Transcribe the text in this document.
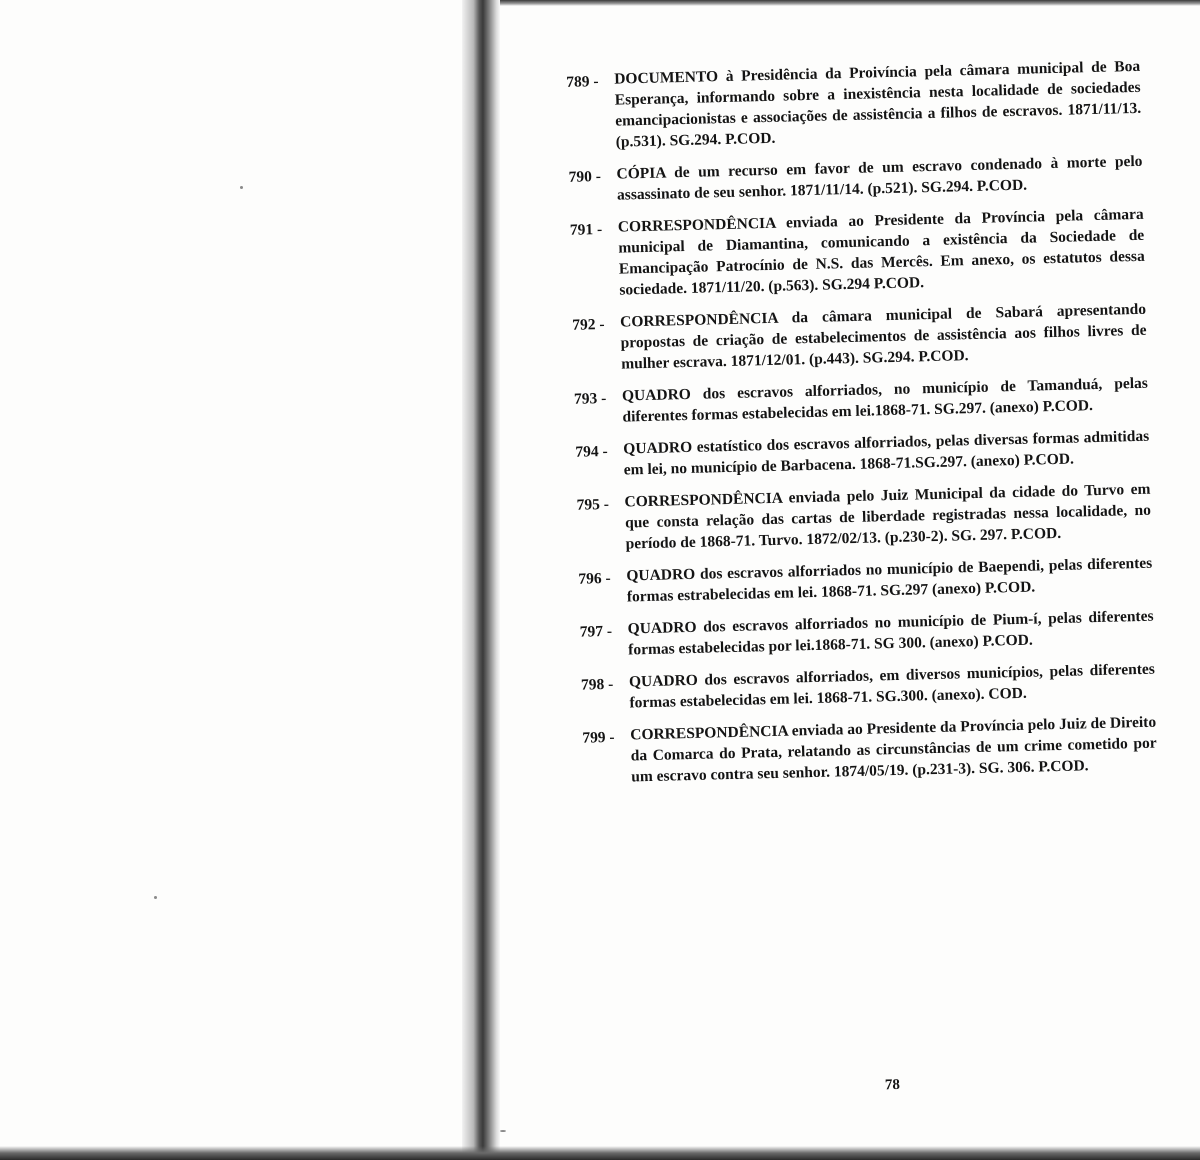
789 - DOCUMENTO à Presidência da Proivíncia pela câmara municipal de Boa Esperança, informando sobre a inexistência nesta localidade de sociedades emancipacionistas e associações de assistência a filhos de escravos. 1871/11/13. (p.531). SG.294. P.COD.
790 - CÓPIA de um recurso em favor de um escravo condenado à morte pelo assassinato de seu senhor. 1871/11/14. (p.521). SG.294. P.COD.
791 - CORRESPONDÊNCIA enviada ao Presidente da Província pela câmara municipal de Diamantina, comunicando a existência da Sociedade de Emancipação Patrocínio de N.S. das Mercês. Em anexo, os estatutos dessa sociedade. 1871/11/20. (p.563). SG.294 P.COD.
792 - CORRESPONDÊNCIA da câmara municipal de Sabará apresentando propostas de criação de estabelecimentos de assistência aos filhos livres de mulher escrava. 1871/12/01. (p.443). SG.294. P.COD.
793 - QUADRO dos escravos alforriados, no município de Tamanduá, pelas diferentes formas estabelecidas em lei.1868-71. SG.297. (anexo) P.COD.
794 - QUADRO estatístico dos escravos alforriados, pelas diversas formas admitidas em lei, no município de Barbacena. 1868-71.SG.297. (anexo) P.COD.
795 - CORRESPONDÊNCIA enviada pelo Juiz Municipal da cidade do Turvo em que consta relação das cartas de liberdade registradas nessa localidade, no período de 1868-71. Turvo. 1872/02/13. (p.230-2). SG. 297. P.COD.
796 - QUADRO dos escravos alforriados no município de Baependi, pelas diferentes formas estrabelecidas em lei. 1868-71. SG.297 (anexo) P.COD.
797 - QUADRO dos escravos alforriados no município de Pium-í, pelas diferentes formas estabelecidas por lei.1868-71. SG 300. (anexo) P.COD.
798 - QUADRO dos escravos alforriados, em diversos municípios, pelas diferentes formas estabelecidas em lei. 1868-71. SG.300. (anexo). COD.
799 - CORRESPONDÊNCIA enviada ao Presidente da Província pelo Juiz de Direito da Comarca do Prata, relatando as circunstâncias de um crime cometido por um escravo contra seu senhor. 1874/05/19. (p.231-3). SG. 306. P.COD.
78
